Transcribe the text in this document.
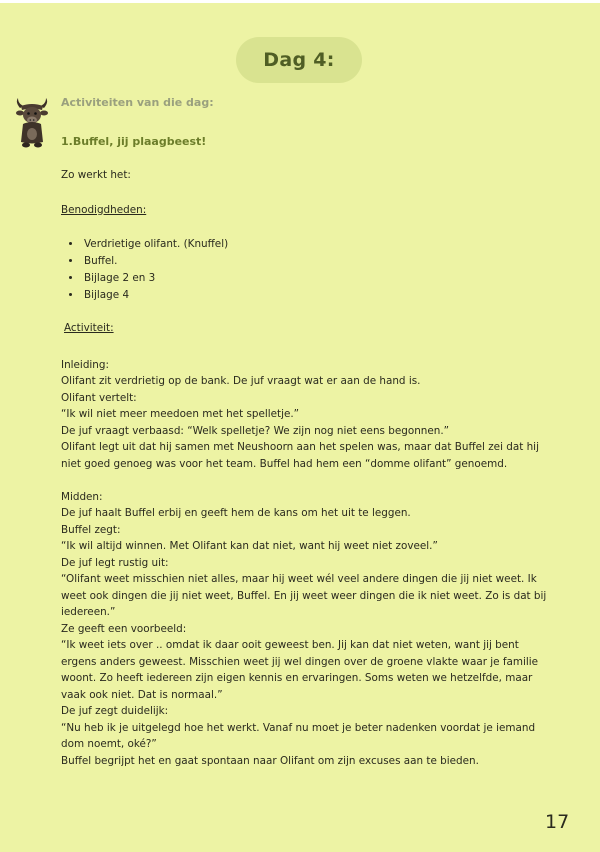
Dag 4:

Activiteiten van die dag:

1.Buffel, jij plaagbeest!

Zo werkt het:

Benodigdheden:

• Verdrietige olifant. (Knuffel)
• Buffel.
• Bijlage 2 en 3
• Bijlage 4

Activiteit:

Inleiding:

Olifant zit verdrietig op de bank. De juf vraagt wat er aan de hand is.

Olifant vertelt:

“Ik wil niet meer meedoen met het spelletje.”

De juf vraagt verbaasd: “Welk spelletje? We zijn nog niet eens begonnen.”

Olifant legt uit dat hij samen met Neushoorn aan het spelen was, maar dat Buffel zei dat hij

niet goed genoeg was voor het team. Buffel had hem een “domme olifant” genoemd.

Midden:

De juf haalt Buffel erbij en geeft hem de kans om het uit te leggen.

Buffel zegt:

“Ik wil altijd winnen. Met Olifant kan dat niet, want hij weet niet zoveel.”

De juf legt rustig uit:

“Olifant weet misschien niet alles, maar hij weet wél veel andere dingen die jij niet weet. Ik

weet ook dingen die jij niet weet, Buffel. En jij weet weer dingen die ik niet weet. Zo is dat bij

iedereen.”

Ze geeft een voorbeeld:

“Ik weet iets over .. omdat ik daar ooit geweest ben. Jij kan dat niet weten, want jij bent

ergens anders geweest. Misschien weet jij wel dingen over de groene vlakte waar je familie

woont. Zo heeft iedereen zijn eigen kennis en ervaringen. Soms weten we hetzelfde, maar

vaak ook niet. Dat is normaal.”

De juf zegt duidelijk:

“Nu heb ik je uitgelegd hoe het werkt. Vanaf nu moet je beter nadenken voordat je iemand

dom noemt, oké?”

Buffel begrijpt het en gaat spontaan naar Olifant om zijn excuses aan te bieden.

17
